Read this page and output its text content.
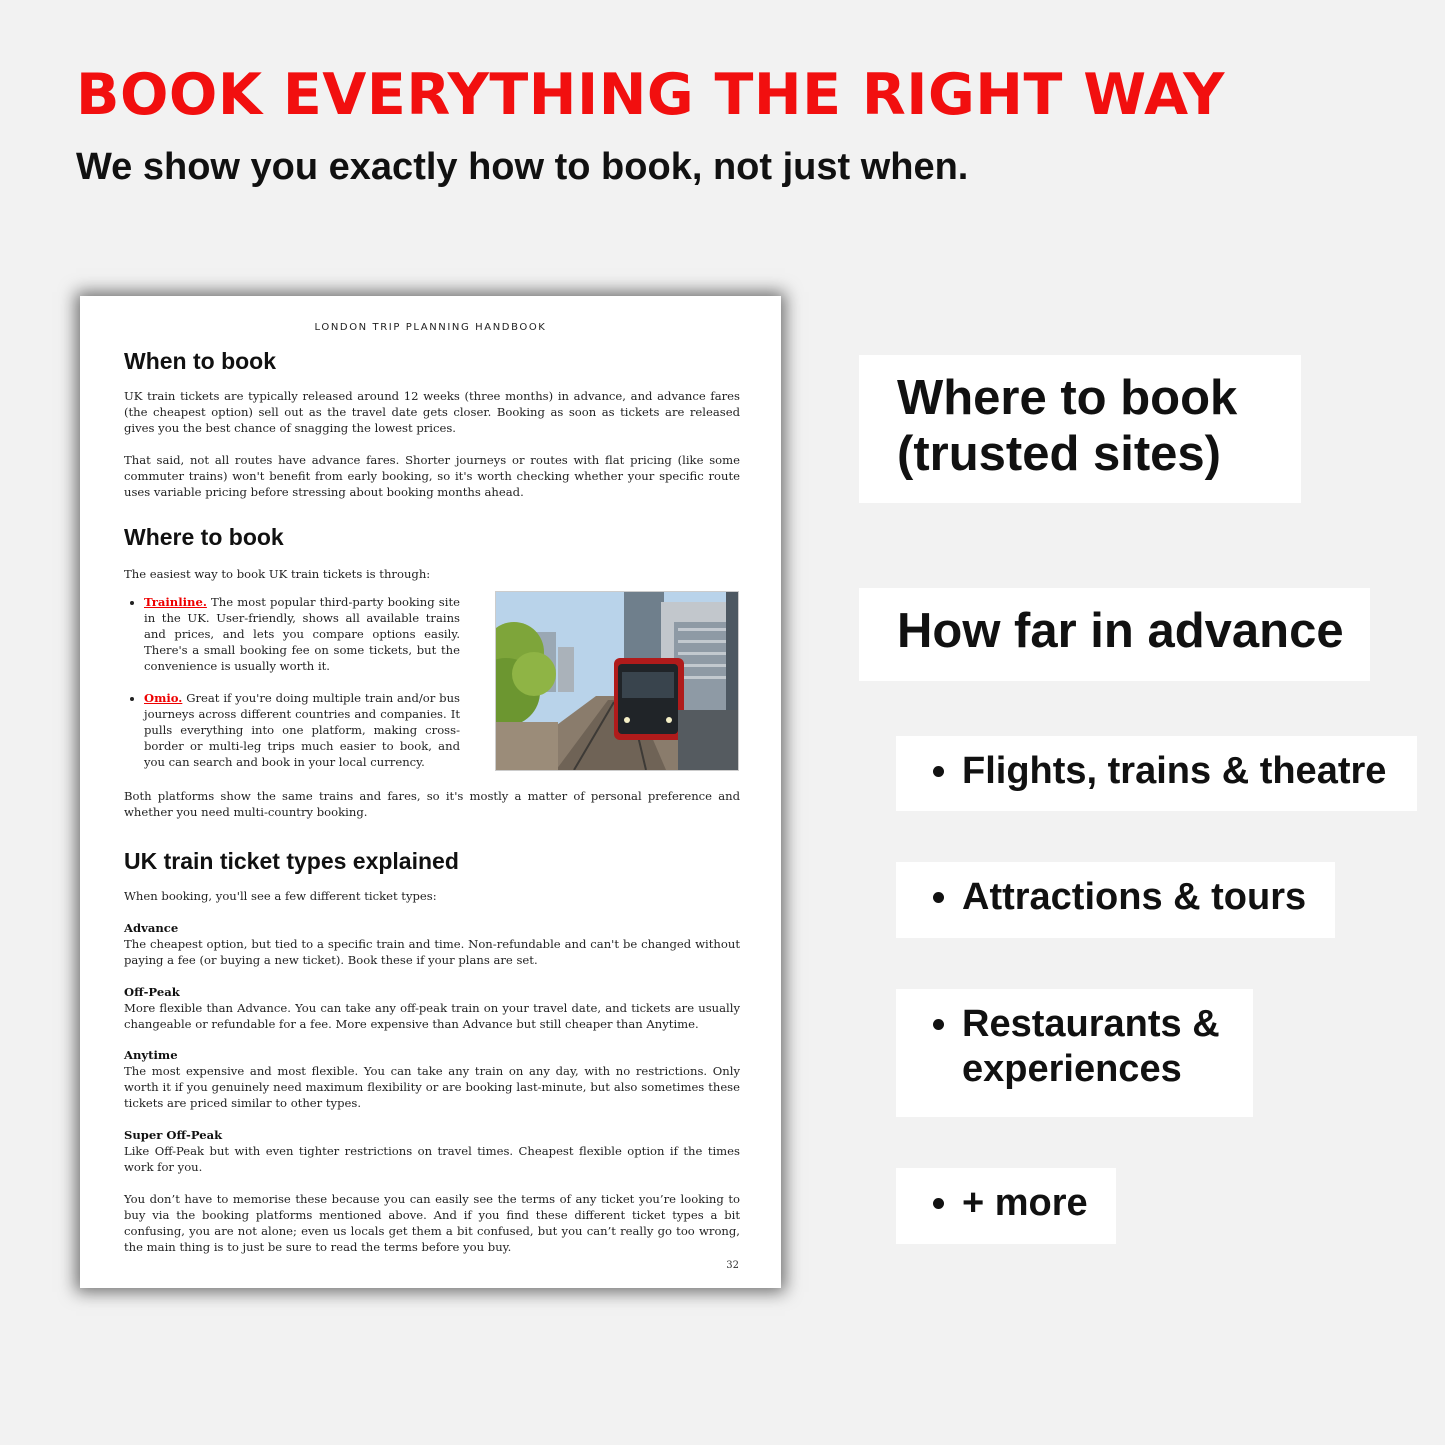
BOOK EVERYTHING THE RIGHT WAY

We show you exactly how to book, not just when.

LONDON TRIP PLANNING HANDBOOK
When to book

UK train tickets are typically released around 12 weeks (three months) in advance, and advance fares (the cheapest option) sell out as the travel date gets closer. Booking as soon as tickets are released gives you the best chance of snagging the lowest prices.

That said, not all routes have advance fares. Shorter journeys or routes with flat pricing (like some commuter trains) won't benefit from early booking, so it's worth checking whether your specific route uses variable pricing before stressing about booking months ahead.

Where to book

The easiest way to book UK train tickets is through:

• Trainline. The most popular third-party booking site in the UK. User-friendly, shows all available trains and prices, and lets you compare options easily. There's a small booking fee on some tickets, but the convenience is usually worth it.
• Omio. Great if you're doing multiple train and/or bus journeys across different countries and companies. It pulls everything into one platform, making cross-border or multi-leg trips much easier to book, and you can search and book in your local currency.

Both platforms show the same trains and fares, so it's mostly a matter of personal preference and whether you need multi-country booking.

UK train ticket types explained

When booking, you'll see a few different ticket types:

Advance
The cheapest option, but tied to a specific train and time. Non-refundable and can't be changed without paying a fee (or buying a new ticket). Book these if your plans are set.

Off-Peak
More flexible than Advance. You can take any off-peak train on your travel date, and tickets are usually changeable or refundable for a fee. More expensive than Advance but still cheaper than Anytime.

Anytime
The most expensive and most flexible. You can take any train on any day, with no restrictions. Only worth it if you genuinely need maximum flexibility or are booking last-minute, but also sometimes these tickets are priced similar to other types.

Super Off-Peak
Like Off-Peak but with even tighter restrictions on travel times. Cheapest flexible option if the times work for you.

You don’t have to memorise these because you can easily see the terms of any ticket you’re looking to buy via the booking platforms mentioned above. And if you find these different ticket types a bit confusing, you are not alone; even us locals get them a bit confused, but you can’t really go too wrong, the main thing is to just be sure to read the terms before you buy.

32
Where to book
(trusted sites)
How far in advance
• Flights, trains & theatre
• Attractions & tours
• Restaurants &
experiences
• + more
